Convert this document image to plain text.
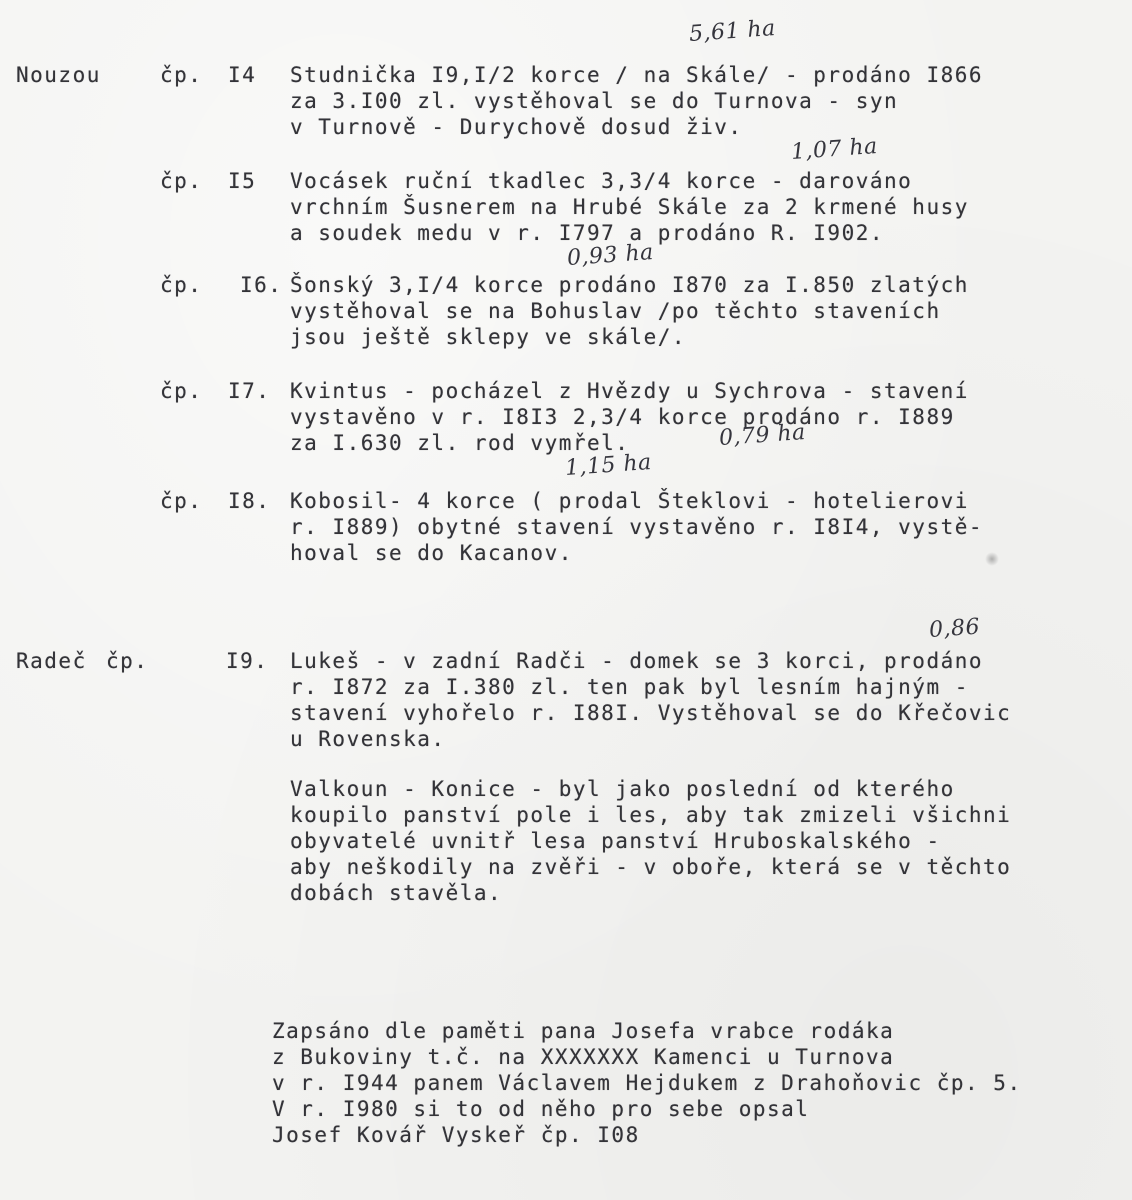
5,61 ha
Nouzou	čp. I4 Studnička I9,I/2 korce / na Skále/ - prodáno I866
za 3.I00 zl. vystěhoval se do Turnova - syn
v Turnově - Durychově dosud živ.
1,07 ha
čp. I5 Vocásek ruční tkadlec 3,3/4 korce - darováno
vrchním Šusnerem na Hrubé Skále za 2 krmené husy
a soudek medu v r. I797 a prodáno R. I902.
0,93 ha
čp. I6. Šonský 3,I/4 korce prodáno I870 za I.850 zlatých
vystěhoval se na Bohuslav /po těchto staveních
jsou ještě sklepy ve skále/.
čp. I7. Kvintus - pocházel z Hvězdy u Sychrova - stavení
vystavěno v r. I8I3 2,3/4 korce prodáno r. I889
za I.630 zl. rod vymřel.	0,79 ha
1,15 ha
čp. I8. Kobosil- 4 korce ( prodal Šteklovi - hotelierovi
r. I889) obytné stavení vystavěno r. I8I4, vystě-
hoval se do Kacanov.
0,86
Radeč čp.	I9. Lukeš - v zadní Radči - domek se 3 korci, prodáno
r. I872 za I.380 zl. ten pak byl lesním hajným -
stavení vyhořelo r. I88I. Vystěhoval se do Křečovic
u Rovenska.
Valkoun - Konice - byl jako poslední od kterého
koupilo panství pole i les, aby tak zmizeli všichni
obyvatelé uvnitř lesa panství Hruboskalského -
aby neškodily na zvěři - v oboře, která se v těchto
dobách stavěla.
Zapsáno dle paměti pana Josefa vrabce rodáka
z Bukoviny t.č. na XXXXXXX Kamenci u Turnova
v r. I944 panem Václavem Hejdukem z Drahoňovic čp. 5.
V r. I980 si to od něho pro sebe opsal
Josef Kovář Vyskeř čp. I08
